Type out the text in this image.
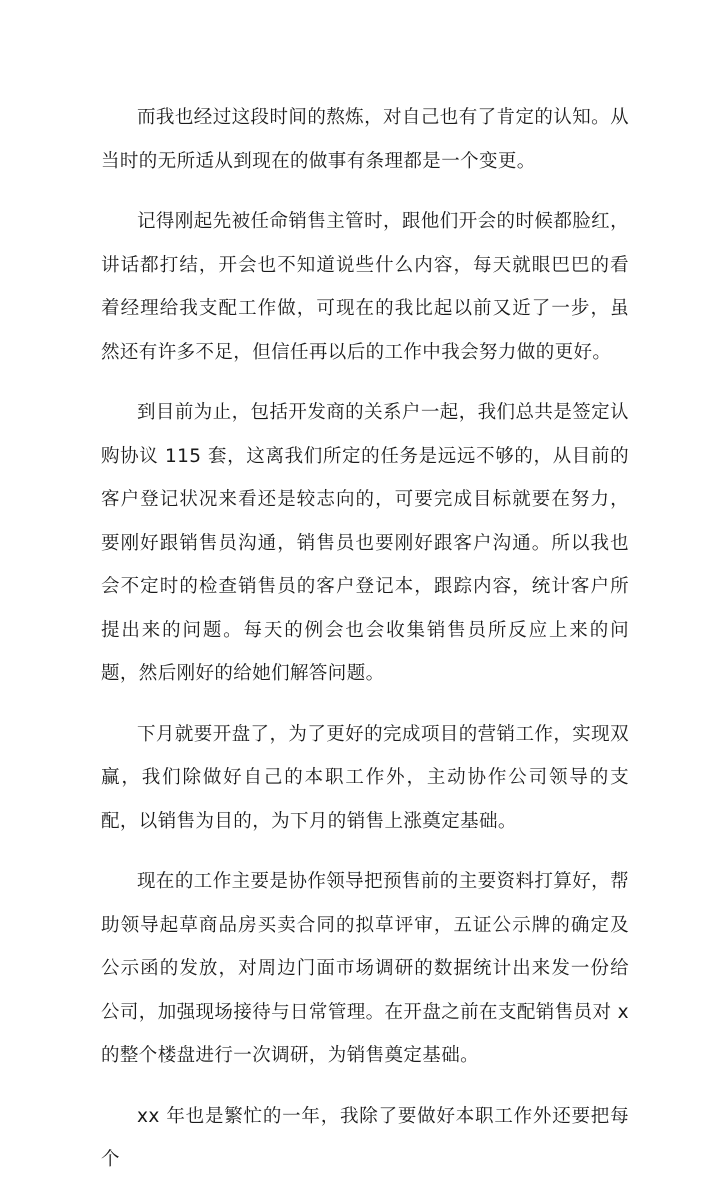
而我也经过这段时间的熬炼，对自己也有了肯定的认知。从当时的无所适从到现在的做事有条理都是一个变更。

记得刚起先被任命销售主管时，跟他们开会的时候都脸红，讲话都打结，开会也不知道说些什么内容，每天就眼巴巴的看着经理给我支配工作做，可现在的我比起以前又近了一步，虽然还有许多不足，但信任再以后的工作中我会努力做的更好。

到目前为止，包括开发商的关系户一起，我们总共是签定认购协议 115 套，这离我们所定的任务是远远不够的，从目前的客户登记状况来看还是较志向的，可要完成目标就要在努力，要刚好跟销售员沟通，销售员也要刚好跟客户沟通。所以我也会不定时的检查销售员的客户登记本，跟踪内容，统计客户所提出来的问题。每天的例会也会收集销售员所反应上来的问题，然后刚好的给她们解答问题。

下月就要开盘了，为了更好的完成项目的营销工作，实现双赢，我们除做好自己的本职工作外，主动协作公司领导的支配，以销售为目的，为下月的销售上涨奠定基础。

现在的工作主要是协作领导把预售前的主要资料打算好，帮助领导起草商品房买卖合同的拟草评审，五证公示牌的确定及公示函的发放，对周边门面市场调研的数据统计出来发一份给公司，加强现场接待与日常管理。在开盘之前在支配销售员对 x 的整个楼盘进行一次调研，为销售奠定基础。

xx 年也是繁忙的一年，我除了要做好本职工作外还要把每个
